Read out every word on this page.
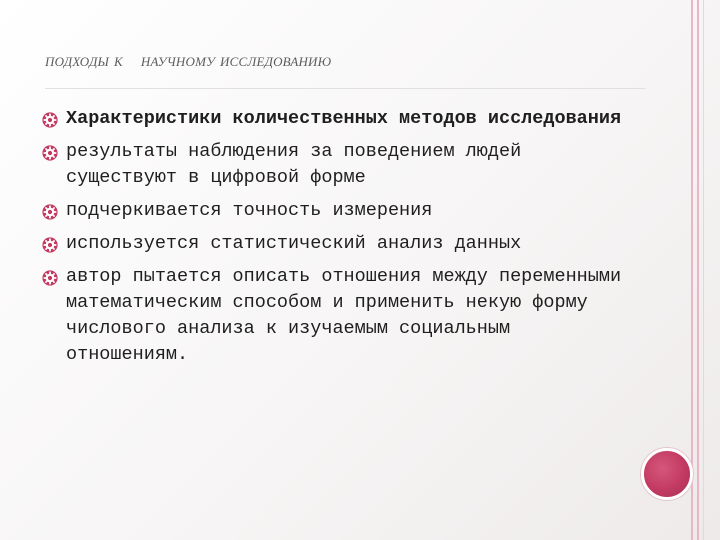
подходы к научному исследованию
Характеристики количественных методов исследования
результаты наблюдения за поведением людей существуют в цифровой форме
подчеркивается точность измерения
используется статистический анализ данных
автор пытается описать отношения между переменными математическим способом и применить некую форму числового анализа к изучаемым социальным отношениям.
